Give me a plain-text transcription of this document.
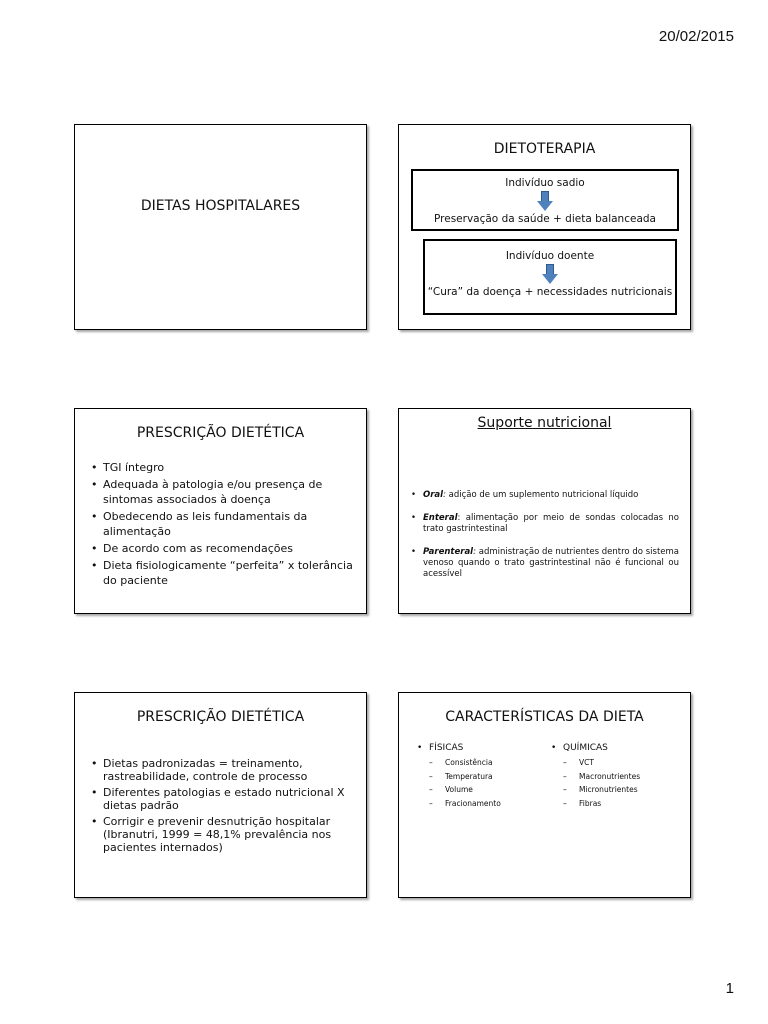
20/02/2015
DIETAS HOSPITALARES
DIETOTERAPIA
Indivíduo sadio
Preservação da saúde + dieta balanceada
Indivíduo doente
“Cura” da doença + necessidades nutricionais
PRESCRIÇÃO DIETÉTICA
• TGI íntegro
• Adequada à patologia e/ou presença de sintomas associados à doença
• Obedecendo as leis fundamentais da alimentação
• De acordo com as recomendações
• Dieta fisiologicamente “perfeita” x tolerância do paciente
Suporte nutricional
• Oral: adição de um suplemento nutricional líquido
• Enteral: alimentação por meio de sondas colocadas no trato gastrintestinal
• Parenteral: administração de nutrientes dentro do sistema venoso quando o trato gastrintestinal não é funcional ou acessível
PRESCRIÇÃO DIETÉTICA
• Dietas padronizadas = treinamento, rastreabilidade, controle de processo
• Diferentes patologias e estado nutricional X dietas padrão
• Corrigir e prevenir desnutrição hospitalar (Ibranutri, 1999 = 48,1% prevalência nos pacientes internados)
CARACTERÍSTICAS DA DIETA
• FÍSICAS
– Consistência
– Temperatura
– Volume
– Fracionamento
• QUÍMICAS
– VCT
– Macronutrientes
– Micronutrientes
– Fibras
1
